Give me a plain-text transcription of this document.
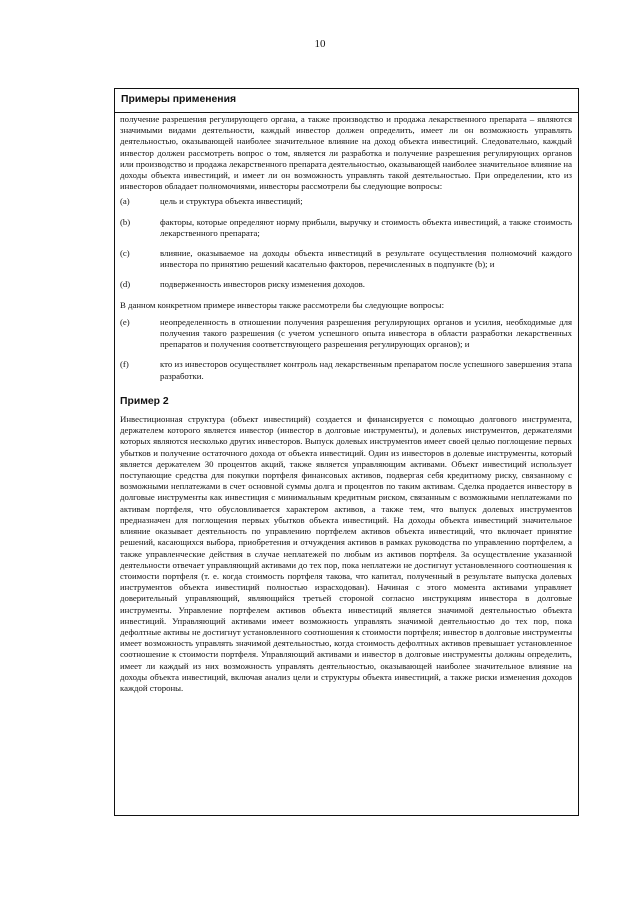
10
Примеры применения

получение разрешения регулирующего органа, а также производство и продажа лекарственного препарата – являются значимыми видами деятельности, каждый инвестор должен определить, имеет ли он возможность управлять деятельностью, оказывающей наиболее значительное влияние на доход объекта инвестиций. Следовательно, каждый инвестор должен рассмотреть вопрос о том, является ли разработка и получение разрешения регулирующих органов или производство и продажа лекарственного препарата деятельностью, оказывающей наиболее значительное влияние на доходы объекта инвестиций, и имеет ли он возможность управлять такой деятельностью. При определении, кто из инвесторов обладает полномочиями, инвесторы рассмотрели бы следующие вопросы:

(a)	цель и структура объекта инвестиций;
(b)	факторы, которые определяют норму прибыли, выручку и стоимость объекта инвестиций, а также стоимость лекарственного препарата;
(c)	влияние, оказываемое на доходы объекта инвестиций в результате осуществления полномочий каждого инвестора по принятию решений касательно факторов, перечисленных в подпункте (b); и
(d)	подверженность инвесторов риску изменения доходов.

В данном конкретном примере инвесторы также рассмотрели бы следующие вопросы:

(e)	неопределенность в отношении получения разрешения регулирующих органов и усилия, необходимые для получения такого разрешения (с учетом успешного опыта инвестора в области разработки лекарственных препаратов и получения соответствующего разрешения регулирующих органов); и
(f)	кто из инвесторов осуществляет контроль над лекарственным препаратом после успешного завершения этапа разработки.
Пример 2

Инвестиционная структура (объект инвестиций) создается и финансируется с помощью долгового инструмента, держателем которого является инвестор (инвестор в долговые инструменты), и долевых инструментов, держателями которых являются несколько других инвесторов. Выпуск долевых инструментов имеет своей целью поглощение первых убытков и получение остаточного дохода от объекта инвестиций. Один из инвесторов в долевые инструменты, который является держателем 30 процентов акций, также является управляющим активами. Объект инвестиций использует поступающие средства для покупки портфеля финансовых активов, подвергая себя кредитному риску, связанному с возможными неплатежами в счет основной суммы долга и процентов по таким активам. Сделка продается инвестору в долговые инструменты как инвестиция с минимальным кредитным риском, связанным с возможными неплатежами по активам портфеля, что обусловливается характером активов, а также тем, что выпуск долевых инструментов предназначен для поглощения первых убытков объекта инвестиций. На доходы объекта инвестиций значительное влияние оказывает деятельность по управлению портфелем активов объекта инвестиций, что включает принятие решений, касающихся выбора, приобретения и отчуждения активов в рамках руководства по управлению портфелем, а также управленческие действия в случае неплатежей по любым из активов портфеля. За осуществление указанной деятельности отвечает управляющий активами до тех пор, пока неплатежи не достигнут установленного соотношения к стоимости портфеля (т. е. когда стоимость портфеля такова, что капитал, полученный в результате выпуска долевых инструментов объекта инвестиций полностью израсходован). Начиная с этого момента активами управляет доверительный управляющий, являющийся третьей стороной согласно инструкциям инвестора в долговые инструменты. Управление портфелем активов объекта инвестиций является значимой деятельностью объекта инвестиций. Управляющий активами имеет возможность управлять значимой деятельностью до тех пор, пока дефолтные активы не достигнут установленного соотношения к стоимости портфеля; инвестор в долговые инструменты имеет возможность управлять значимой деятельностью, когда стоимость дефолтных активов превышает установленное соотношение к стоимости портфеля. Управляющий активами и инвестор в долговые инструменты должны определить, имеет ли каждый из них возможность управлять деятельностью, оказывающей наиболее значительное влияние на доходы объекта инвестиций, включая анализ цели и структуры объекта инвестиций, а также риски изменения доходов каждой стороны.
